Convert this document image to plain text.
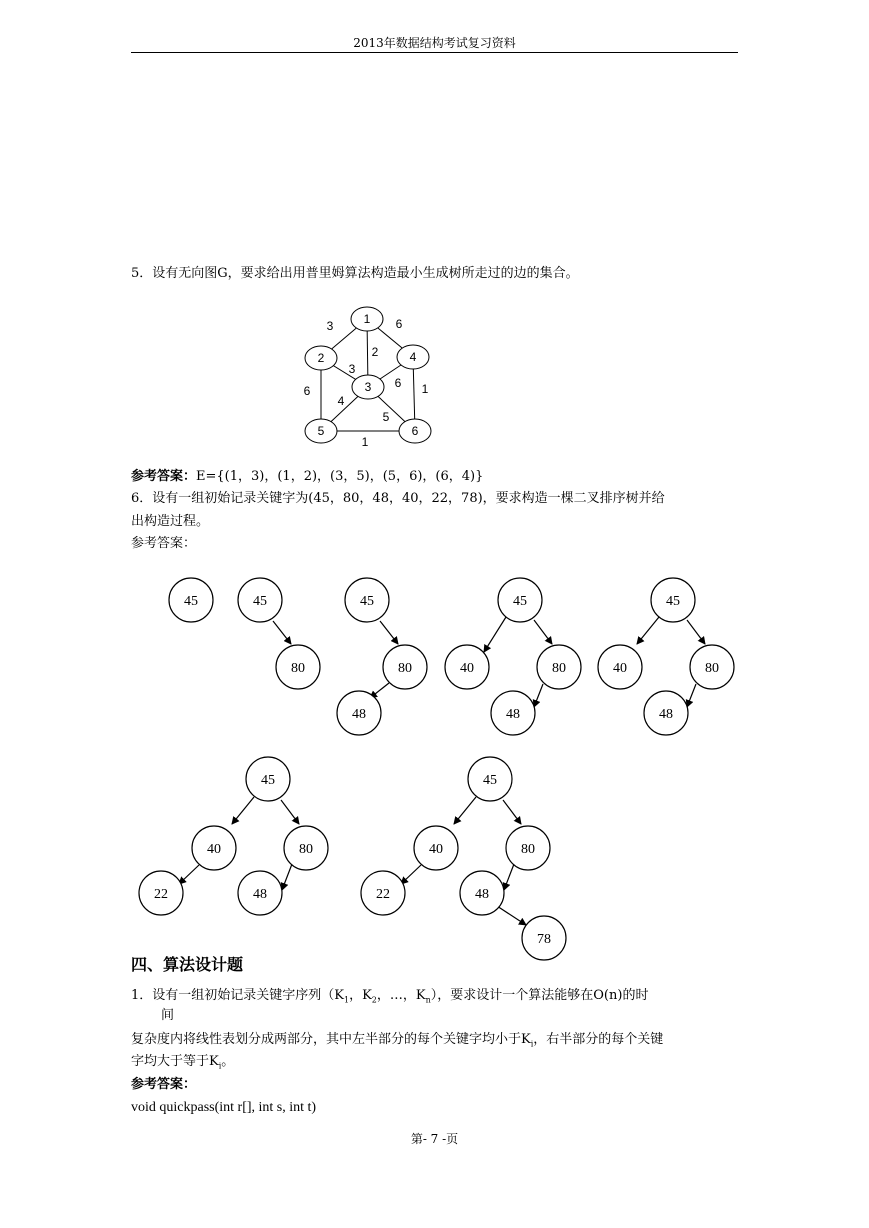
2013年数据结构考试复习资料
5．设有无向图G，要求给出用普里姆算法构造最小生成树所走过的边的集合。
1
2	4
3
5	6
3	6
2
3
6
6 1
4
5
1
45	45
80
45
80
48
45
40	80
48
45
40	80
48
45
40	80
22	48
45
40	80
22	48
78
参考答案：E={(1，3)，(1，2)，(3，5)，(5，6)，(6，4)}
6．设有一组初始记录关键字为(45，80，48，40，22，78)，要求构造一棵二叉排序树并给
出构造过程。
参考答案：
四、算法设计题
1．设有一组初始记录关键字序列（$K_1$，$K_2$，…，$K_n$），要求设计一个算法能够在O(n)的时
间
复杂度内将线性表划分成两部分，其中左半部分的每个关键字均小于$K_i$，右半部分的每个关键
字均大于等于$K_i$。
参考答案：
void quickpass(int r[], int s, int t)
第- 7 -页
